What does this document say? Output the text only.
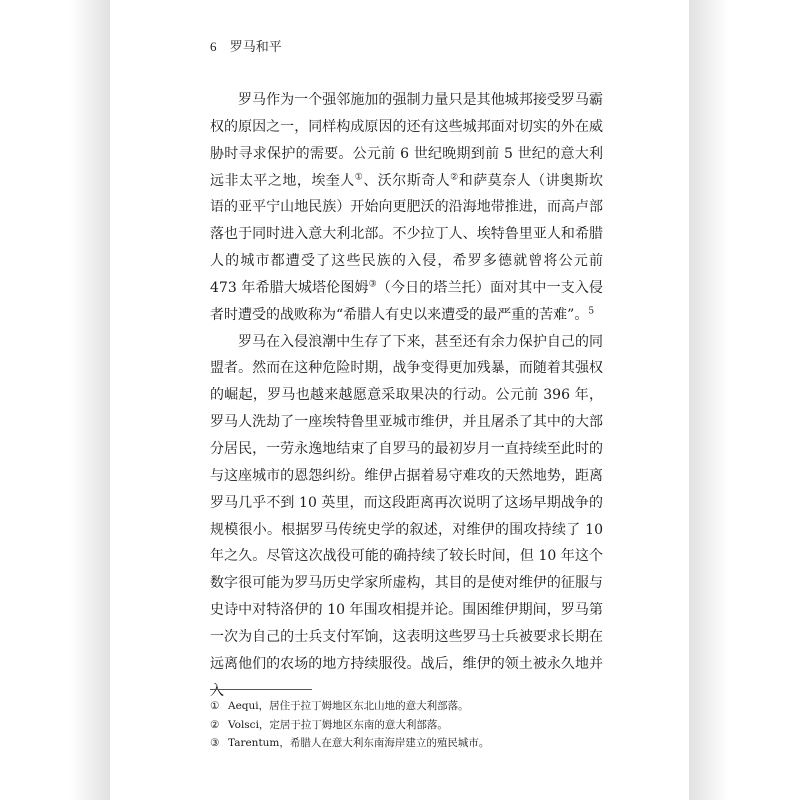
6 罗马和平

罗马作为一个强邻施加的强制力量只是其他城邦接受罗马霸权的原因之一，同样构成原因的还有这些城邦面对切实的外在威胁时寻求保护的需要。公元前 6 世纪晚期到前 5 世纪的意大利远非太平之地，埃奎人①、沃尔斯奇人②和萨莫奈人（讲奥斯坎语的亚平宁山地民族）开始向更肥沃的沿海地带推进，而高卢部落也于同时进入意大利北部。不少拉丁人、埃特鲁里亚人和希腊人的城市都遭受了这些民族的入侵，希罗多德就曾将公元前 473 年希腊大城塔伦图姆③（今日的塔兰托）面对其中一支入侵者时遭受的战败称为“希腊人有史以来遭受的最严重的苦难”。$^5$

罗马在入侵浪潮中生存了下来，甚至还有余力保护自己的同盟者。然而在这种危险时期，战争变得更加残暴，而随着其强权的崛起，罗马也越来越愿意采取果决的行动。公元前 396 年，罗马人洗劫了一座埃特鲁里亚城市维伊，并且屠杀了其中的大部分居民，一劳永逸地结束了自罗马的最初岁月一直持续至此时的与这座城市的恩怨纠纷。维伊占据着易守难攻的天然地势，距离罗马几乎不到 10 英里，而这段距离再次说明了这场早期战争的规模很小。根据罗马传统史学的叙述，对维伊的围攻持续了 10 年之久。尽管这次战役可能的确持续了较长时间，但 10 年这个数字很可能为罗马历史学家所虚构，其目的是使对维伊的征服与史诗中对特洛伊的 10 年围攻相提并论。围困维伊期间，罗马第一次为自己的士兵支付军饷，这表明这些罗马士兵被要求长期在远离他们的农场的地方持续服役。战后，维伊的领土被永久地并入

① Aequi，居住于拉丁姆地区东北山地的意大利部落。
② Volsci，定居于拉丁姆地区东南的意大利部落。
③ Tarentum，希腊人在意大利东南海岸建立的殖民城市。
